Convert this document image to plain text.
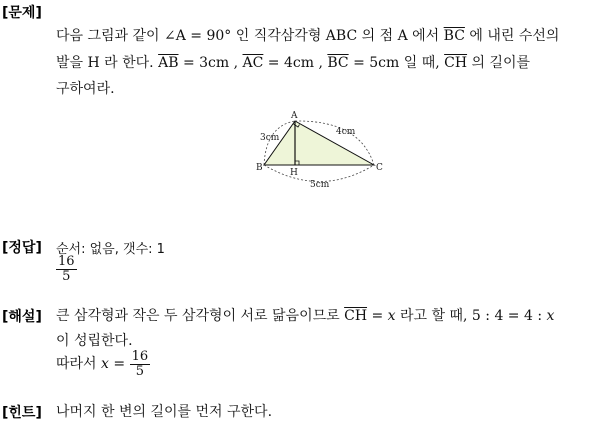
[문제]
다음 그림과 같이 ∠A = 90° 인 직각삼각형 ABC 의 점 A 에서 $\overline{BC}$ 에 내린 수선의
발을 H 라 한다. $\overline{AB} = 3cm$ , $\overline{AC} = 4cm$ , $\overline{BC} = 5cm$ 일 때, $\overline{CH}$ 의 길이를
구하여라.
A
B	C
H
3cm
4cm
5cm
[정답] 순서: 없음, 갯수: 1
$\frac{16}{5}$
[해설] 큰 삼각형과 작은 두 삼각형이 서로 닮음이므로 $\overline{CH} = x$ 라고 할 때, 5 : 4 = 4 : x
이 성립한다.
따라서 $x = \frac{16}{5}$
[힌트] 나머지 한 변의 길이를 먼저 구한다.
